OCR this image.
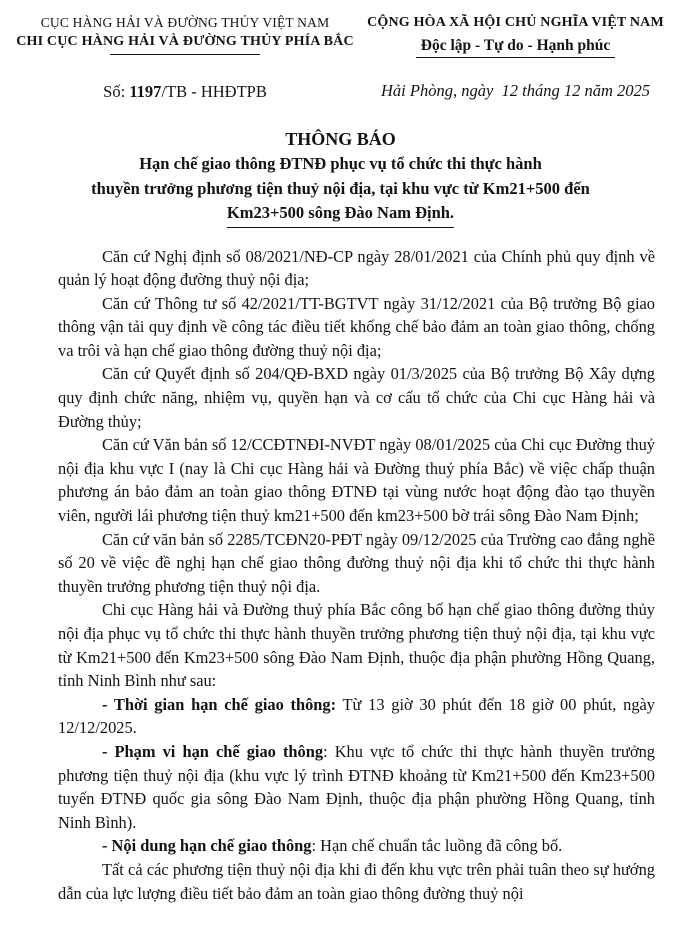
CỤC HÀNG HẢI VÀ ĐƯỜNG THỦY VIỆT NAM
CHI CỤC HÀNG HẢI VÀ ĐƯỜNG THỦY PHÍA BẮC
Số: 1197/TB - HHĐTPB
CỘNG HÒA XÃ HỘI CHỦ NGHĨA VIỆT NAM
Độc lập - Tự do - Hạnh phúc
Hải Phòng, ngày  12 tháng 12 năm 2025
THÔNG BÁO
Hạn chế giao thông ĐTNĐ phục vụ tổ chức thi thực hành
thuyền trưởng phương tiện thuỷ nội địa, tại khu vực từ Km21+500 đến
Km23+500 sông Đào Nam Định.

Căn cứ Nghị định số 08/2021/NĐ-CP ngày 28/01/2021 của Chính phủ quy định về quản lý hoạt động đường thuỷ nội địa;

Căn cứ Thông tư số 42/2021/TT-BGTVT ngày 31/12/2021 của Bộ trưởng Bộ giao thông vận tải quy định về công tác điều tiết khống chế bảo đảm an toàn giao thông, chống va trôi và hạn chế giao thông đường thuỷ nội địa;

Căn cứ Quyết định số 204/QĐ-BXD ngày 01/3/2025 của Bộ trưởng Bộ Xây dựng quy định chức năng, nhiệm vụ, quyền hạn và cơ cấu tổ chức của Chi cục Hàng hải và Đường thủy;

Căn cứ Văn bản số 12/CCĐTNĐI-NVĐT ngày 08/01/2025 của Chi cục Đường thuỷ nội địa khu vực I (nay là Chi cục Hàng hải và Đường thuỷ phía Bắc) về việc chấp thuận phương án bảo đảm an toàn giao thông ĐTNĐ tại vùng nước hoạt động đào tạo thuyền viên, người lái phương tiện thuỷ km21+500 đến km23+500 bờ trái sông Đào Nam Định;

Căn cứ văn bản số 2285/TCĐN20-PĐT ngày 09/12/2025 của Trường cao đẳng nghề số 20 về việc đề nghị hạn chế giao thông đường thuỷ nội địa khi tổ chức thi thực hành thuyền trưởng phương tiện thuỷ nội địa.

Chi cục Hàng hải và Đường thuỷ phía Bắc công bố hạn chế giao thông đường thủy nội địa phục vụ tổ chức thi thực hành thuyền trưởng phương tiện thuỷ nội địa, tại khu vực từ Km21+500 đến Km23+500 sông Đào Nam Định, thuộc địa phận phường Hồng Quang, tỉnh Ninh Bình như sau:

- Thời gian hạn chế giao thông: Từ 13 giờ 30 phút đến 18 giờ 00 phút, ngày 12/12/2025.

- Phạm vi hạn chế giao thông: Khu vực tổ chức thi thực hành thuyền trưởng phương tiện thuỷ nội địa (khu vực lý trình ĐTNĐ khoảng từ Km21+500 đến Km23+500 tuyến ĐTNĐ quốc gia sông Đào Nam Định, thuộc địa phận phường Hồng Quang, tỉnh Ninh Bình).

- Nội dung hạn chế giao thông: Hạn chế chuẩn tắc luồng đã công bố.

Tất cả các phương tiện thuỷ nội địa khi đi đến khu vực trên phải tuân theo sự hướng dẫn của lực lượng điều tiết bảo đảm an toàn giao thông đường thuỷ nội
